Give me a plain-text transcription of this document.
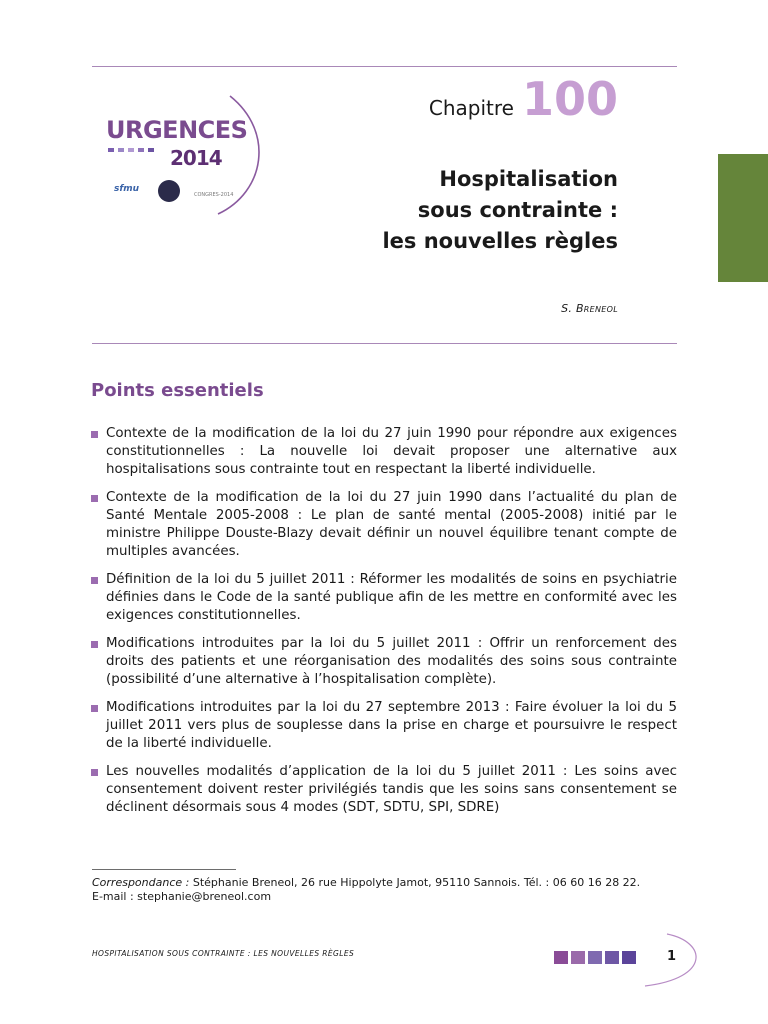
URGENCES
2014
sfmu
CONGRES-2014
Chapitre 100
Hospitalisation
sous contrainte :
les nouvelles règles
S. Breneol
Points essentiels
Contexte de la modification de la loi du 27 juin 1990 pour répondre aux exigences constitutionnelles : La nouvelle loi devait proposer une alternative aux hospitalisations sous contrainte tout en respectant la liberté individuelle.
Contexte de la modification de la loi du 27 juin 1990 dans l’actualité du plan de Santé Mentale 2005-2008 : Le plan de santé mental (2005-2008) initié par le ministre Philippe Douste-Blazy devait définir un nouvel équilibre tenant compte de multiples avancées.
Définition de la loi du 5 juillet 2011 : Réformer les modalités de soins en psychiatrie définies dans le Code de la santé publique afin de les mettre en conformité avec les exigences constitutionnelles.
Modifications introduites par la loi du 5 juillet 2011 : Offrir un renforcement des droits des patients et une réorganisation des modalités des soins sous contrainte (possibilité d’une alternative à l’hospitalisation complète).
Modifications introduites par la loi du 27 septembre 2013 : Faire évoluer la loi du 5 juillet 2011 vers plus de souplesse dans la prise en charge et poursuivre le respect de la liberté individuelle.
Les nouvelles modalités d’application de la loi du 5 juillet 2011 : Les soins avec consentement doivent rester privilégiés tandis que les soins sans consentement se déclinent désormais sous 4 modes (SDT, SDTU, SPI, SDRE)
Correspondance : Stéphanie Breneol, 26 rue Hippolyte Jamot, 95110 Sannois. Tél. : 06 60 16 28 22.
E-mail : stephanie@breneol.com
HOSPITALISATION SOUS CONTRAINTE : LES NOUVELLES RÈGLES	1
